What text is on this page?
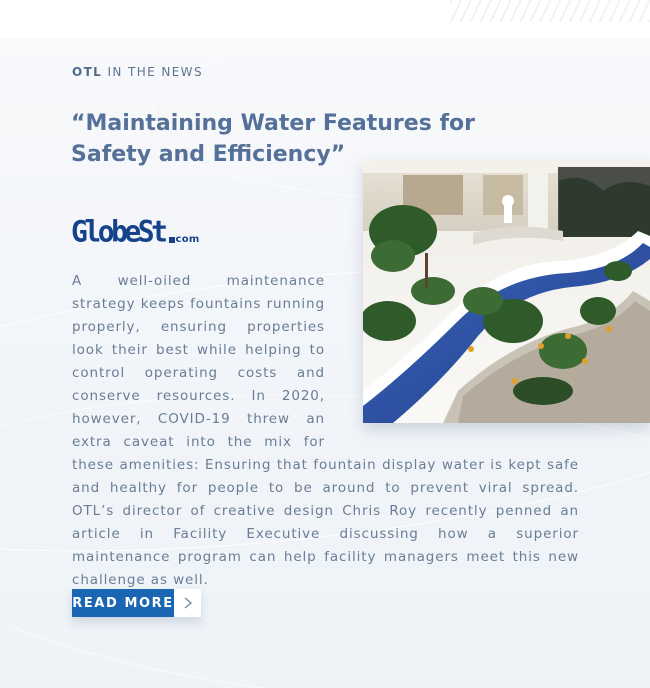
OTL IN THE NEWS
“Maintaining Water Features for Safety and Efficiency”
GlobeSt com

A well-oiled maintenance strategy keeps fountains running properly, ensuring properties look their best while helping to control operating costs and conserve resources. In 2020, however, COVID-19 threw an extra caveat into the mix for these amenities: Ensuring that fountain display water is kept safe and healthy for people to be around to prevent viral spread. OTL’s director of creative design Chris Roy recently penned an article in Facility Executive discussing how a superior maintenance program can help facility managers meet this new challenge as well.

READ MORE
